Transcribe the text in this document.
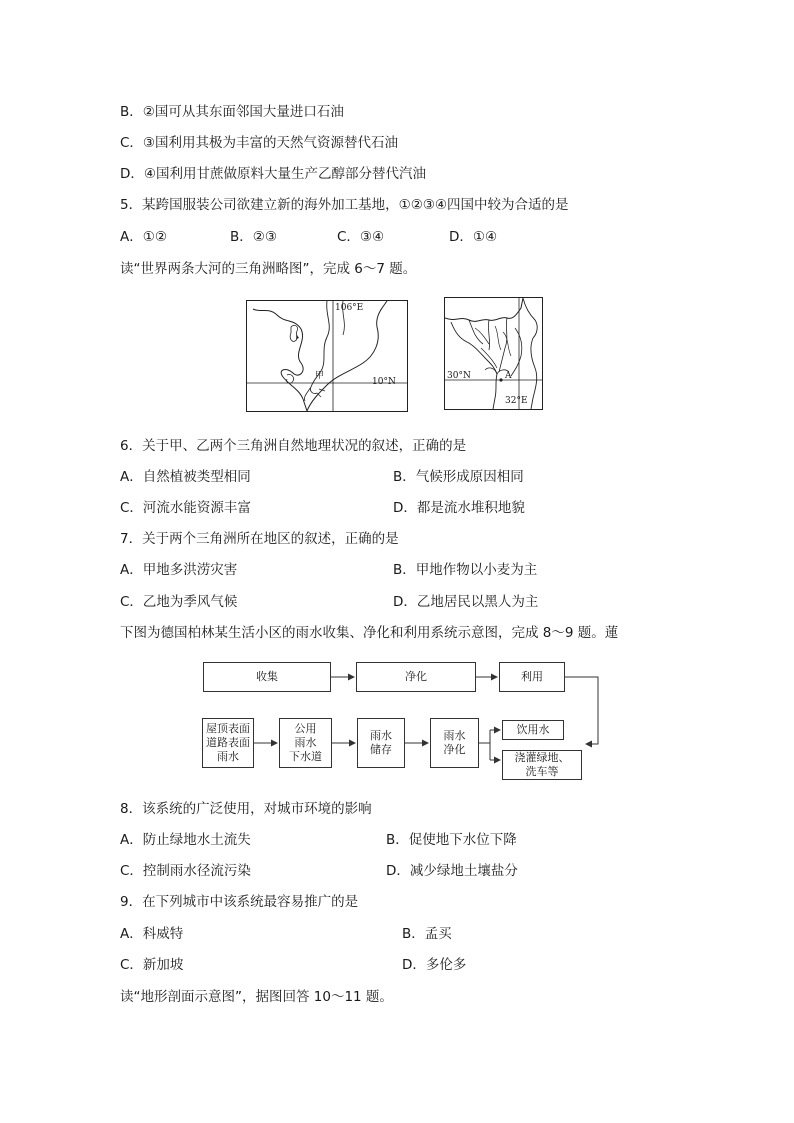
B．②国可从其东面邻国大量进口石油
C．③国利用其极为丰富的天然气资源替代石油
D．④国利用甘蔗做原料大量生产乙醇部分替代汽油
5．某跨国服装公司欲建立新的海外加工基地，①②③④四国中较为合适的是
A．①②	B．②③	C．③④	D．①④
读“世界两条大河的三角洲略图”，完成 6～7 题。
106°E
10°N
甲	30°N	A
32°E
6．关于甲、乙两个三角洲自然地理状况的叙述，正确的是
A．自然植被类型相同	B．气候形成原因相同
C．河流水能资源丰富	D．都是流水堆积地貌
7．关于两个三角洲所在地区的叙述，正确的是
A．甲地多洪涝灾害	B．甲地作物以小麦为主
C．乙地为季风气候	D．乙地居民以黑人为主
下图为德国柏林某生活小区的雨水收集、净化和利用系统示意图，完成 8～9 题。蓮
收集	净化	利用
屋顶表面
道路表面
雨水
公用
雨水
下水道
雨水
储存
雨水
净化
饮用水
浇灌绿地、
洗车等
8．该系统的广泛使用，对城市环境的影响
A．防止绿地水土流失	B．促使地下水位下降
C．控制雨水径流污染	D．减少绿地土壤盐分
9．在下列城市中该系统最容易推广的是
A．科威特	B．孟买
C．新加坡	D．多伦多
读“地形剖面示意图”，据图回答 10～11 题。
